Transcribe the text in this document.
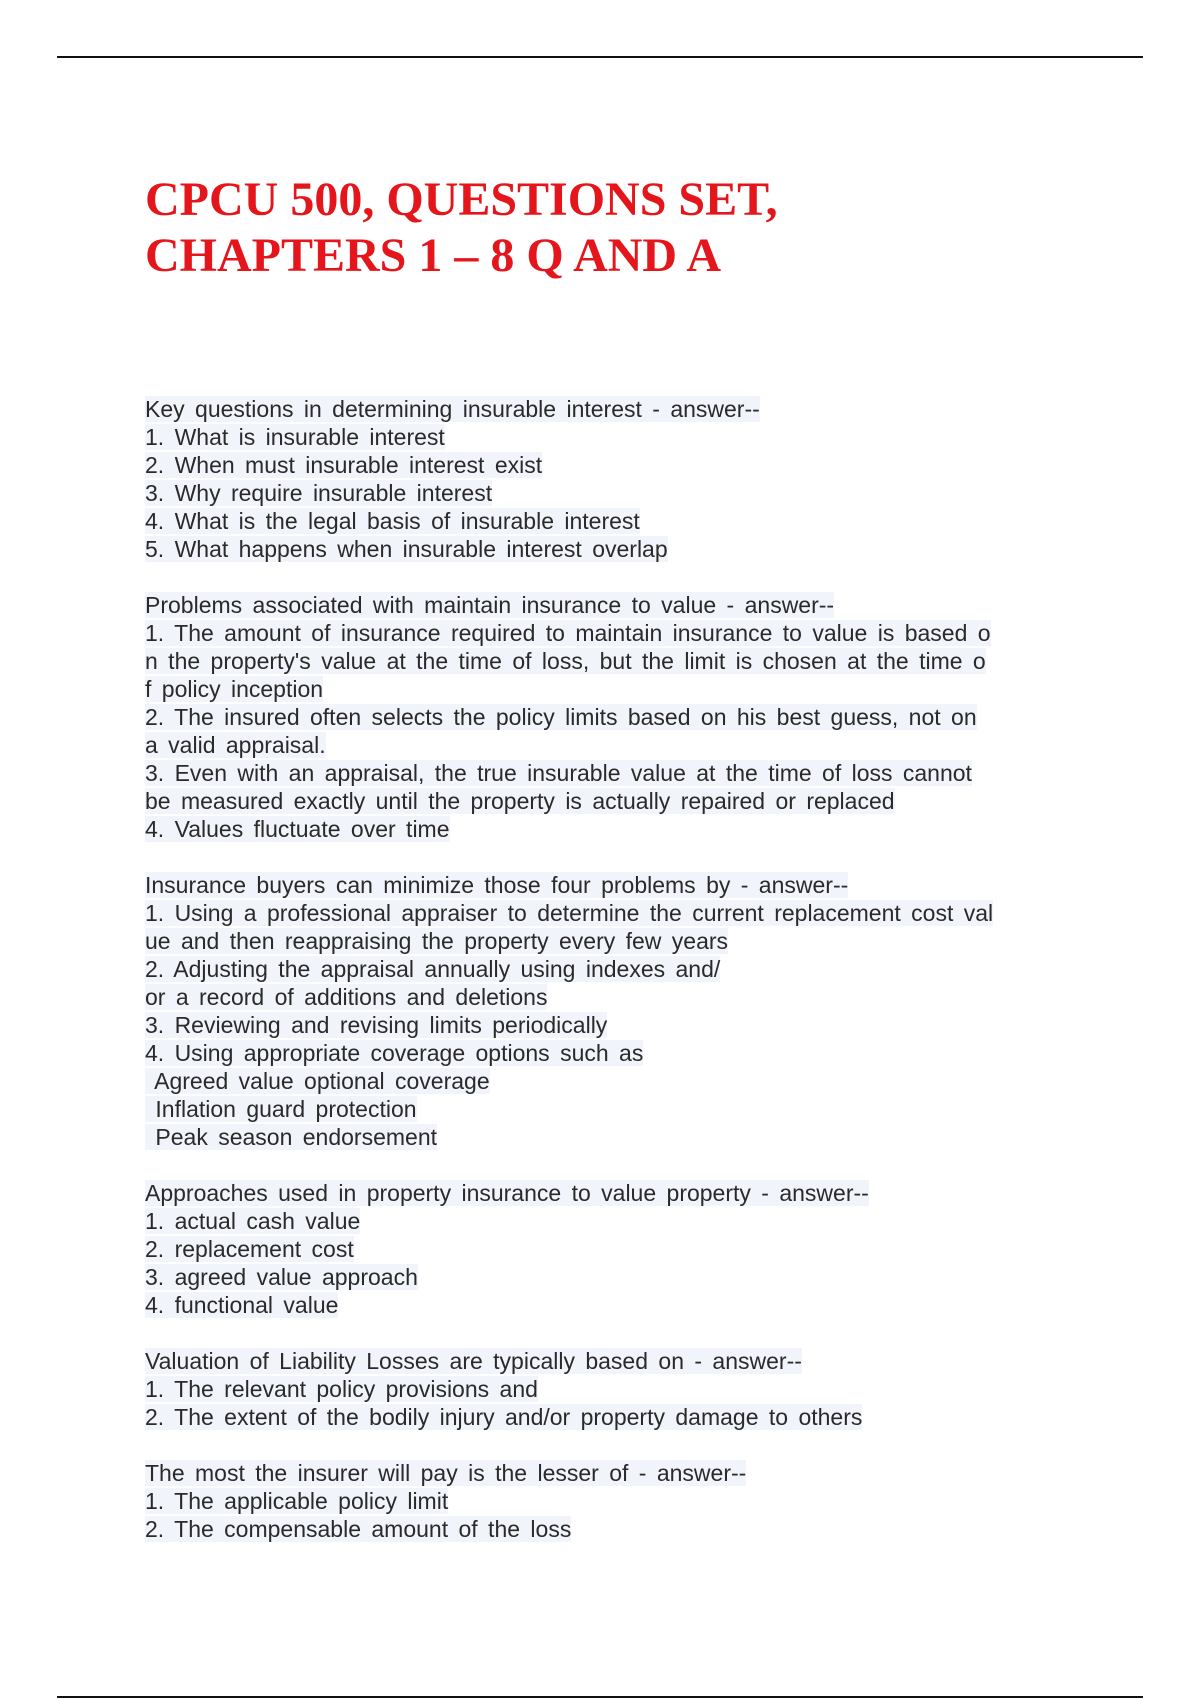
CPCU 500, QUESTIONS SET,
CHAPTERS 1 – 8 Q AND A
Key questions in determining insurable interest - answer--
1. What is insurable interest
2. When must insurable interest exist
3. Why require insurable interest
4. What is the legal basis of insurable interest
5. What happens when insurable interest overlap
Problems associated with maintain insurance to value - answer--
1. The amount of insurance required to maintain insurance to value is based o
n the property's value at the time of loss, but the limit is chosen at the time o
f policy inception
2. The insured often selects the policy limits based on his best guess, not on
a valid appraisal.
3. Even with an appraisal, the true insurable value at the time of loss cannot
be measured exactly until the property is actually repaired or replaced
4. Values fluctuate over time
Insurance buyers can minimize those four problems by - answer--
1. Using a professional appraiser to determine the current replacement cost val
ue and then reappraising the property every few years
2. Adjusting the appraisal annually using indexes and/
or a record of additions and deletions
3. Reviewing and revising limits periodically
4. Using appropriate coverage options such as
Agreed value optional coverage
Inflation guard protection
Peak season endorsement
Approaches used in property insurance to value property - answer--
1. actual cash value
2. replacement cost
3. agreed value approach
4. functional value
Valuation of Liability Losses are typically based on - answer--
1. The relevant policy provisions and
2. The extent of the bodily injury and/or property damage to others
The most the insurer will pay is the lesser of - answer--
1. The applicable policy limit
2. The compensable amount of the loss
